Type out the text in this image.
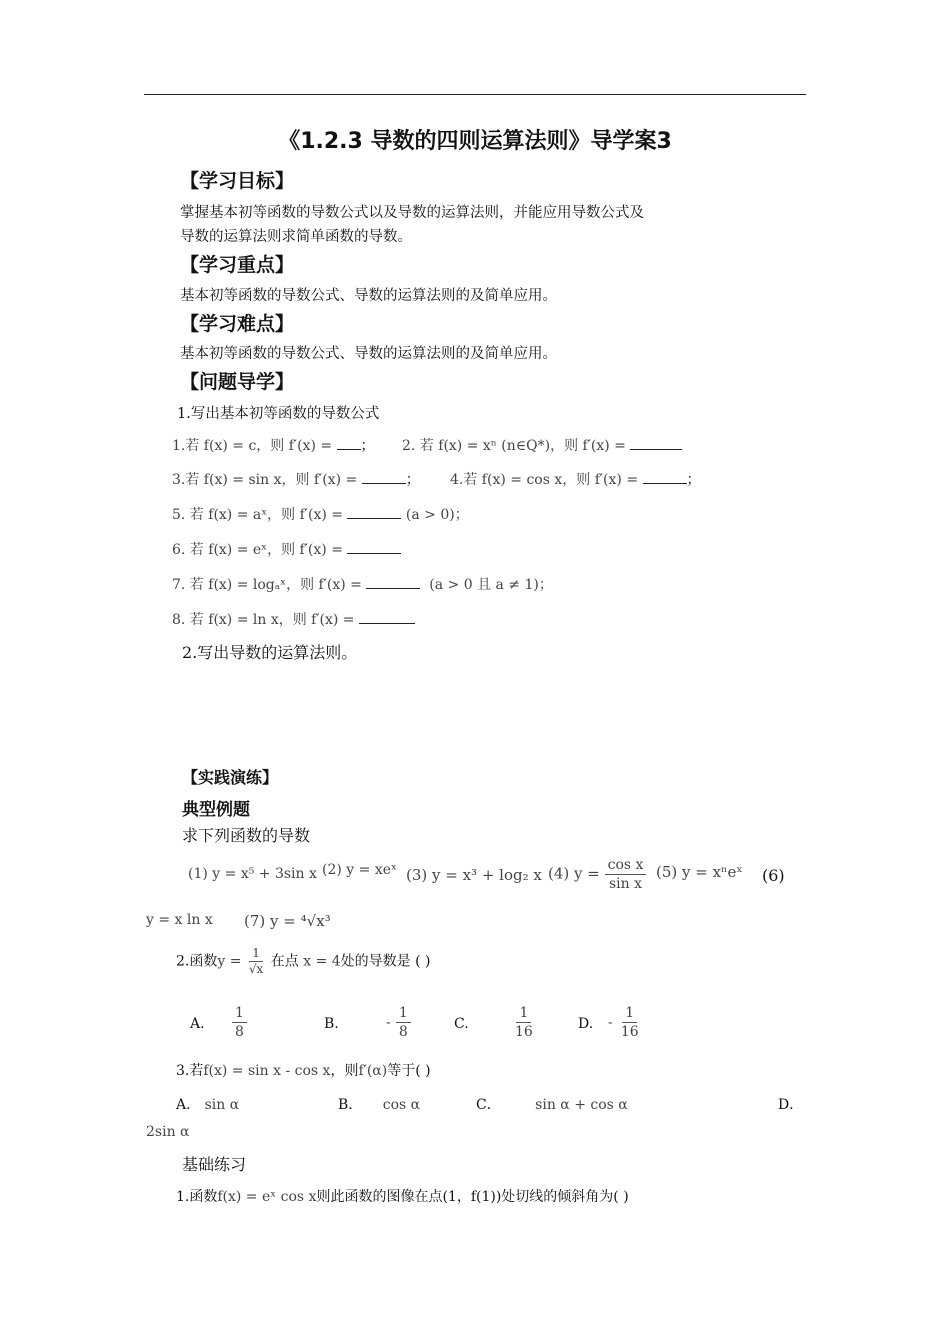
《1.2.3 导数的四则运算法则》导学案3
【学习目标】
掌握基本初等函数的导数公式以及导数的运算法则，并能应用导数公式及
导数的运算法则求简单函数的导数。
【学习重点】
基本初等函数的导数公式、导数的运算法则的及简单应用。
【学习难点】
基本初等函数的导数公式、导数的运算法则的及简单应用。
【问题导学】
1.写出基本初等函数的导数公式
1.若 f(x) = c，则 f′(x) = ； 2. 若 f(x) = xⁿ (n∈Q*)，则 f′(x) =
3.若 f(x) = sin x，则 f′(x) =	； 4.若 f(x) = cos x，则 f′(x) =	；
5. 若 f(x) = aˣ，则 f′(x) =	(a > 0)；
6. 若 f(x) = eˣ，则 f′(x) =
7. 若 f(x) = logₐˣ，则 f′(x) =	(a > 0 且 a ≠ 1)；
8. 若 f(x) = ln x，则 f′(x) =
2.写出导数的运算法则。
【实践演练】
典型例题
求下列函数的导数
(1) y = x⁵ + 3sin x (2) y = xeˣ (3) y = x³ + log₂ x (4) $y = \frac{\text{cos x}}{\text{sin x}} (5) y$ = xⁿeˣ (6)
y = x ln x (7) y = ⁴√x³
2.函数$y = \frac{1}{√x}$ 在点 x = 4处的导数是 ( )
A. $\frac{1}{8}$	B.	- $\frac{1}{8}$	C.	$\frac{1}{16}$	D. - $\frac{1}{16}$
3.若f(x) = sin x - cos x，则f′(α)等于( )
A． sin α	B． cos α	C． sin α + cos α	D．
2sin α
基础练习
1.函数f(x) = eˣ cos x则此函数的图像在点(1，f(1))处切线的倾斜角为( )
